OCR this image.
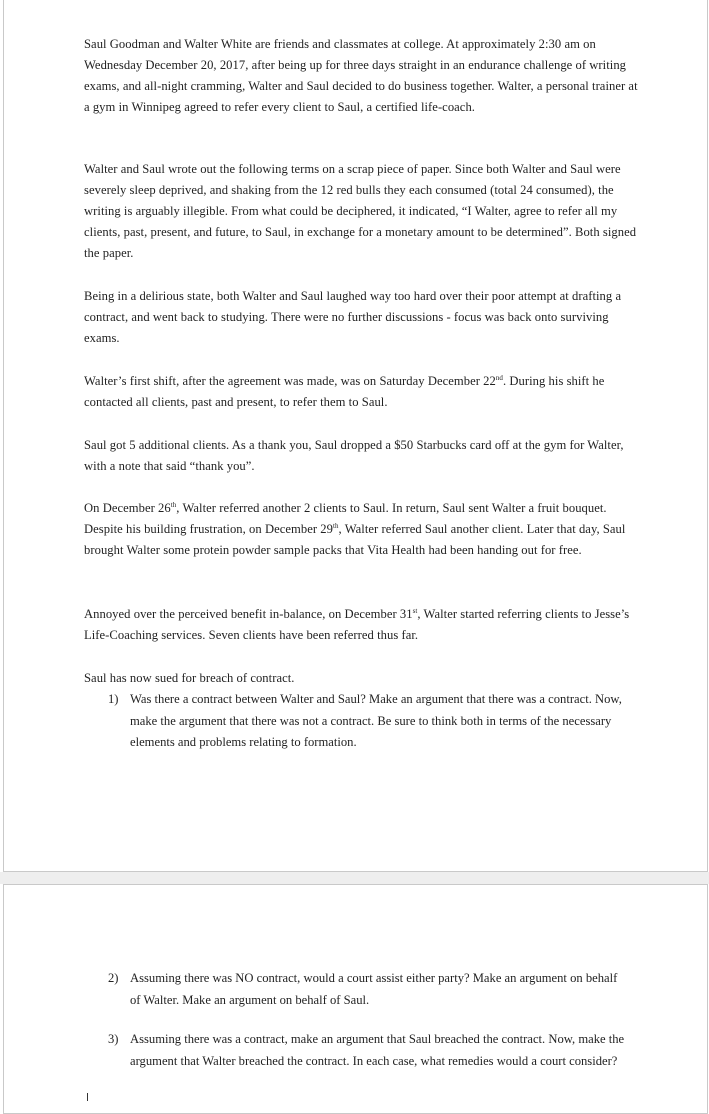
Saul Goodman and Walter White are friends and classmates at college. At approximately 2:30 am on Wednesday December 20, 2017, after being up for three days straight in an endurance challenge of writing exams, and all-night cramming, Walter and Saul decided to do business together. Walter, a personal trainer at a gym in Winnipeg agreed to refer every client to Saul, a certified life-coach.

Walter and Saul wrote out the following terms on a scrap piece of paper. Since both Walter and Saul were severely sleep deprived, and shaking from the 12 red bulls they each consumed (total 24 consumed), the writing is arguably illegible. From what could be deciphered, it indicated, “I Walter, agree to refer all my clients, past, present, and future, to Saul, in exchange for a monetary amount to be determined”. Both signed the paper.

Being in a delirious state, both Walter and Saul laughed way too hard over their poor attempt at drafting a contract, and went back to studying. There were no further discussions - focus was back onto surviving exams.

Walter’s first shift, after the agreement was made, was on Saturday December 22nd. During his shift he contacted all clients, past and present, to refer them to Saul.

Saul got 5 additional clients. As a thank you, Saul dropped a $50 Starbucks card off at the gym for Walter, with a note that said “thank you”.

On December 26th, Walter referred another 2 clients to Saul. In return, Saul sent Walter a fruit bouquet. Despite his building frustration, on December 29th, Walter referred Saul another client. Later that day, Saul brought Walter some protein powder sample packs that Vita Health had been handing out for free.

Annoyed over the perceived benefit in-balance, on December 31st, Walter started referring clients to Jesse’s Life-Coaching services. Seven clients have been referred thus far.

Saul has now sued for breach of contract.

1) Was there a contract between Walter and Saul? Make an argument that there was a contract. Now, make the argument that there was not a contract. Be sure to think both in terms of the necessary elements and problems relating to formation.
2) Assuming there was NO contract, would a court assist either party? Make an argument on behalf of Walter. Make an argument on behalf of Saul.
3) Assuming there was a contract, make an argument that Saul breached the contract. Now, make the argument that Walter breached the contract. In each case, what remedies would a court consider?
